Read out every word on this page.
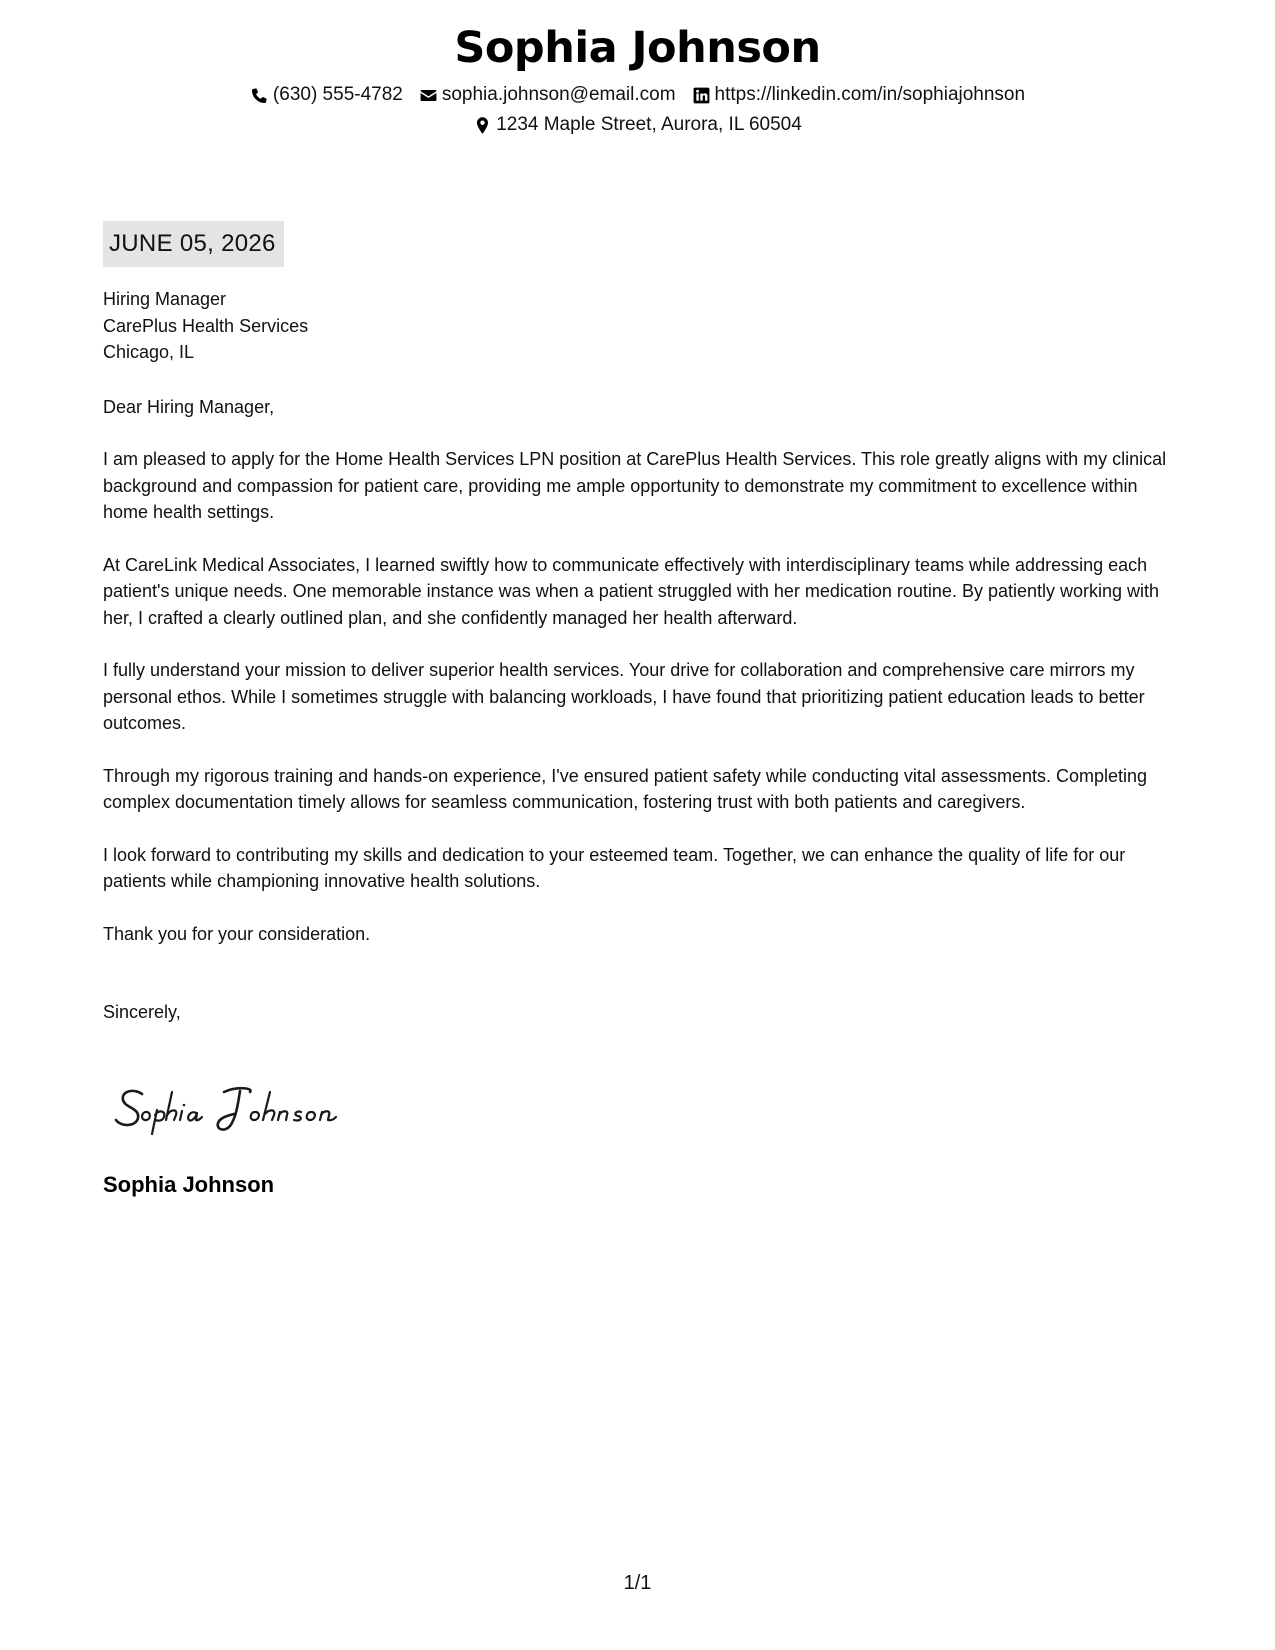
Sophia Johnson
(630) 555-4782 sophia.johnson@email.com https://linkedin.com/in/sophiajohnson
1234 Maple Street, Aurora, IL 60504
JUNE 05, 2026
Hiring Manager
CarePlus Health Services
Chicago, IL
Dear Hiring Manager,

I am pleased to apply for the Home Health Services LPN position at CarePlus Health Services. This role greatly aligns with my clinical background and compassion for patient care, providing me ample opportunity to demonstrate my commitment to excellence within home health settings.

At CareLink Medical Associates, I learned swiftly how to communicate effectively with interdisciplinary teams while addressing each patient's unique needs. One memorable instance was when a patient struggled with her medication routine. By patiently working with her, I crafted a clearly outlined plan, and she confidently managed her health afterward.

I fully understand your mission to deliver superior health services. Your drive for collaboration and comprehensive care mirrors my personal ethos. While I sometimes struggle with balancing workloads, I have found that prioritizing patient education leads to better outcomes.

Through my rigorous training and hands-on experience, I've ensured patient safety while conducting vital assessments. Completing complex documentation timely allows for seamless communication, fostering trust with both patients and caregivers.

I look forward to contributing my skills and dedication to your esteemed team. Together, we can enhance the quality of life for our patients while championing innovative health solutions.

Thank you for your consideration.
Sincerely,
Sophia Johnson
1/1
